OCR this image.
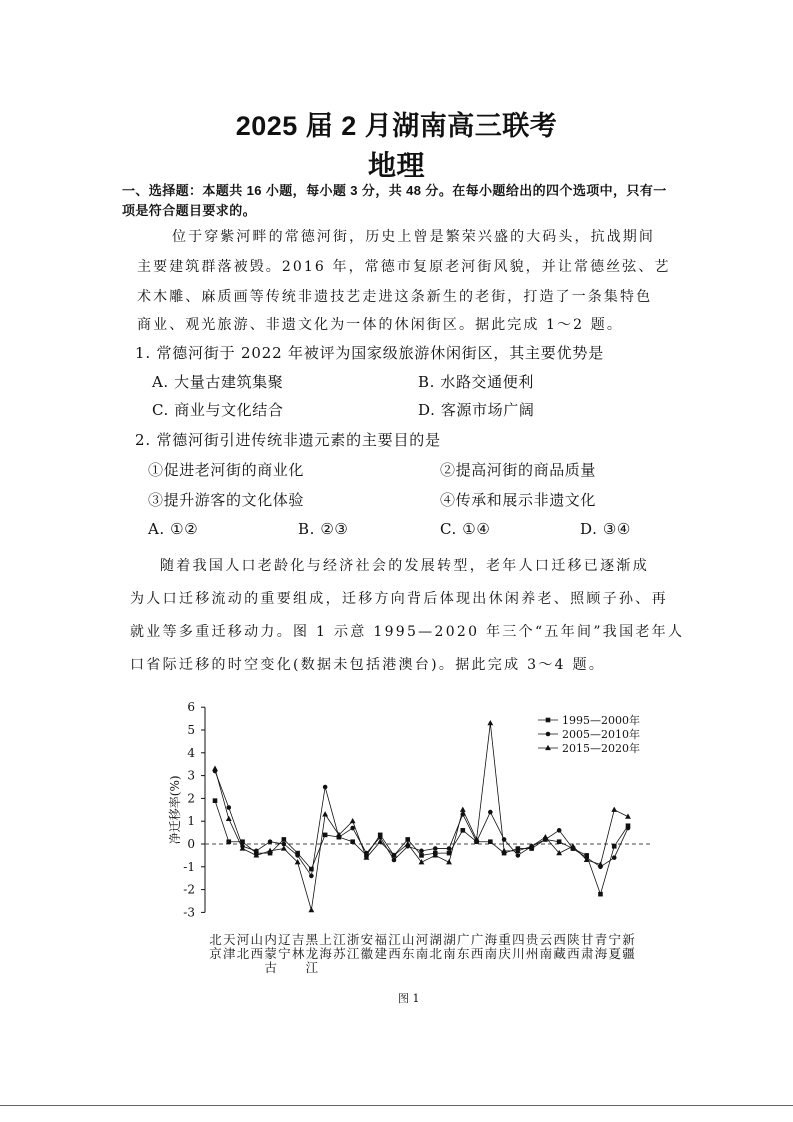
2025 届 2 月湖南高三联考
地理
一、选择题：本题共 16 小题，每小题 3 分，共 48 分。在每小题给出的四个选项中，只有一
项是符合题目要求的。
位于穿紫河畔的常德河街，历史上曾是繁荣兴盛的大码头，抗战期间
主要建筑群落被毁。2016 年，常德市复原老河街风貌，并让常德丝弦、艺
术木雕、麻质画等传统非遗技艺走进这条新生的老街，打造了一条集特色
商业、观光旅游、非遗文化为一体的休闲街区。据此完成 1～2 题。
1. 常德河街于 2022 年被评为国家级旅游休闲街区，其主要优势是
A. 大量古建筑集聚	B. 水路交通便利
C. 商业与文化结合	D. 客源市场广阔
2. 常德河街引进传统非遗元素的主要目的是
①促进老河街的商业化	②提高河街的商品质量
③提升游客的文化体验	④传承和展示非遗文化
A. ①②	B. ②③	C. ①④	D. ③④
随着我国人口老龄化与经济社会的发展转型，老年人口迁移已逐渐成
为人口迁移流动的重要组成，迁移方向背后体现出休闲养老、照顾子孙、再
就业等多重迁移动力。图 1 示意 1995—2020 年三个“五年间”我国老年人
口省际迁移的时空变化(数据未包括港澳台)。据此完成 3～4 题。
6
5
4
3
2
1
0
-1
-2
-3
净迁移率(%)
北京
天津
河北
山西
内蒙古
辽宁
吉林
黑龙江
上海
江苏
浙江
安徽
福建
江西
山东
河南
湖北
湖南
广东
广西
海南
重庆
四川
贵州
云南
西藏
陕西
甘肃
青海
宁夏
新疆
1995—2000年
2005—2010年
2015—2020年
图 1
